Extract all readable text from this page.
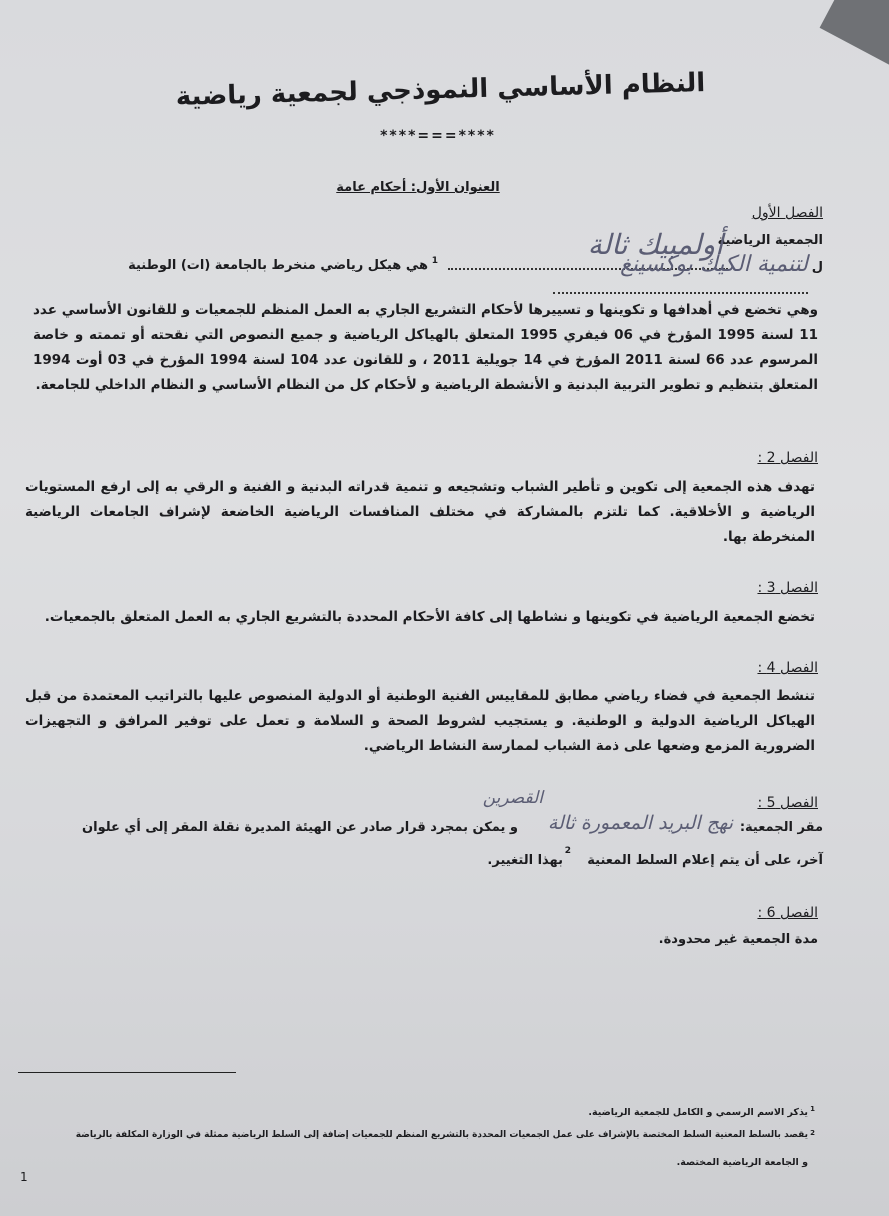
النظام الأساسي النموذجي لجمعية رياضية
****===****
العنوان الأول: أحكام عامة
الفصل الأول
الجمعية الرياضية
أولمبيك ثالة
1
هي هيكل رياضي منخرط بالجامعة (ات) الوطنية	ل
لتنمية الكيك بوكسينغ
وهي تخضع في أهدافها و تكوينها و تسييرها لأحكام التشريع الجاري به العمل المنظم للجمعيات و للقانون الأساسي عدد 11 لسنة 1995 المؤرخ في 06 فيفري 1995 المتعلق بالهياكل الرياضية و جميع النصوص التي نقحته أو تممته و خاصة المرسوم عدد 66 لسنة 2011 المؤرخ في 14 جويلية 2011 ، و للقانون عدد 104 لسنة 1994 المؤرخ في 03 أوت 1994 المتعلق بتنظيم و تطوير التربية البدنية و الأنشطة الرياضية و لأحكام كل من النظام الأساسي و النظام الداخلي للجامعة.
الفصل 2 :
تهدف هذه الجمعية إلى تكوين و تأطير الشباب وتشجيعه و تنمية قدراته البدنية و الفنية و الرقي به إلى ارفع المستويات الرياضية و الأخلاقية. كما تلتزم بالمشاركة في مختلف المنافسات الرياضية الخاضعة لإشراف الجامعات الرياضية المنخرطة بها.
الفصل 3 :
تخضع الجمعية الرياضية في تكوينها و نشاطها إلى كافة الأحكام المحددة بالتشريع الجاري به العمل المتعلق بالجمعيات.
الفصل 4 :
تنشط الجمعية في فضاء رياضي مطابق للمقاييس الفنية الوطنية أو الدولية المنصوص عليها بالتراتيب المعتمدة من قبل الهياكل الرياضية الدولية و الوطنية. و يستجيب لشروط الصحة و السلامة و تعمل على توفير المرافق و التجهيزات الضرورية المزمع وضعها على ذمة الشباب لممارسة النشاط الرياضي.
الفصل 5 :
القصرين
مقر الجمعية:
نهج البريد المعمورة ثالة
و يمكن بمجرد قرار صادر عن الهيئة المديرة نقلة المقر إلى أي علوان
آخر، على أن يتم إعلام السلط المعنية
2
بهذا التغيير.
الفصل 6 :
مدة الجمعية غير محدودة.
1
يذكر الاسم الرسمي و الكامل للجمعية الرياضية.
2
يقصد بالسلط المعنية السلط المختصة بالإشراف على عمل الجمعيات المحددة بالتشريع المنظم للجمعيات إضافة إلى السلط الرياضية ممثلة في الوزارة المكلفة بالرياضة
و الجامعة الرياضية المختصة.
1
